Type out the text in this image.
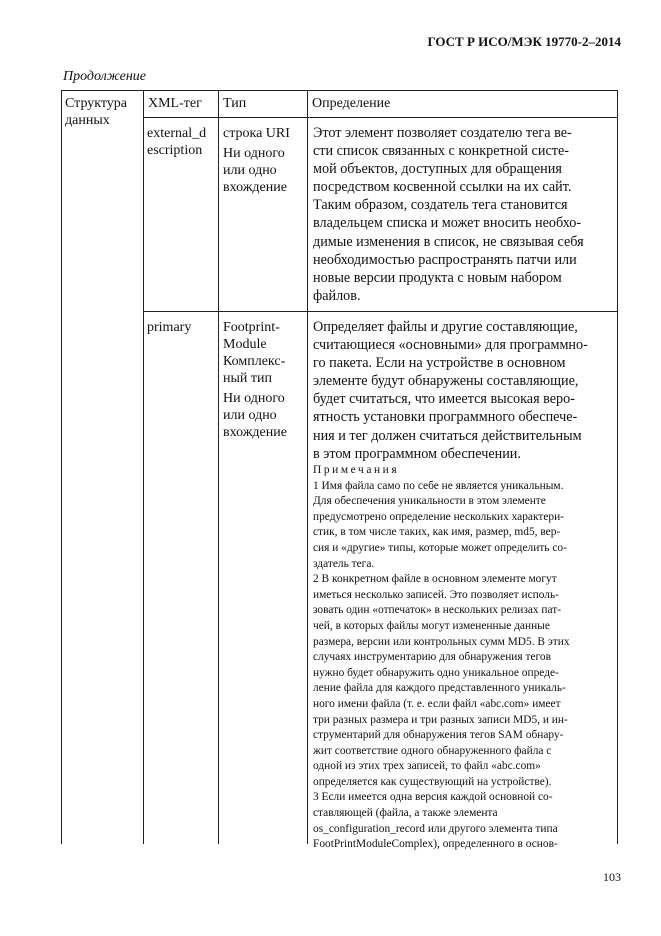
ГОСТ Р ИСО/МЭК 19770-2–2014
Продолжение
Структура
данных
XML-тег Тип	Определение
external_d
escription
строка URI
Ни одного
или одно
вхождение

Этот элемент позволяет создателю тега ве-

сти список связанных с конкретной систе-

мой объектов, доступных для обращения

посредством косвенной ссылки на их сайт.

Таким образом, создатель тега становится

владельцем списка и может вносить необхо-

димые изменения в список, не связывая себя

необходимостью распространять патчи или

новые версии продукта с новым набором

файлов.

primary Footprint-
Module
Комплекс-
ный тип
Ни одного
или одно
вхождение

Определяет файлы и другие составляющие,

считающиеся «основными» для программно-

го пакета. Если на устройстве в основном

элементе будут обнаружены составляющие,

будет считаться, что имеется высокая веро-

ятность установки программного обеспече-

ния и тег должен считаться действительным

в этом программном обеспечении.

Примечания

1 Имя файла само по себе не является уникальным.

Для обеспечения уникальности в этом элементе

предусмотрено определение нескольких характери-

стик, в том числе таких, как имя, размер, md5, вер-

сия и «другие» типы, которые может определить со-

здатель тега.

2 В конкретном файле в основном элементе могут

иметься несколько записей. Это позволяет исполь-

зовать один «отпечаток» в нескольких релизах пат-

чей, в которых файлы могут измененные данные

размера, версии или контрольных сумм MD5. В этих

случаях инструментарию для обнаружения тегов

нужно будет обнаружить одно уникальное опреде-

ление файла для каждого представленного уникаль-

ного имени файла (т. е. если файл «abc.com» имеет

три разных размера и три разных записи MD5, и ин-

струментарий для обнаружения тегов SAM обнару-

жит соответствие одного обнаруженного файла с

одной из этих трех записей, то файл «abc.com»

определяется как существующий на устройстве).

3 Если имеется одна версия каждой основной со-

ставляющей (файла, а также элемента

os_configuration_record или другого элемента типа

FootPrintModuleComplex), определенного в основ-

103
